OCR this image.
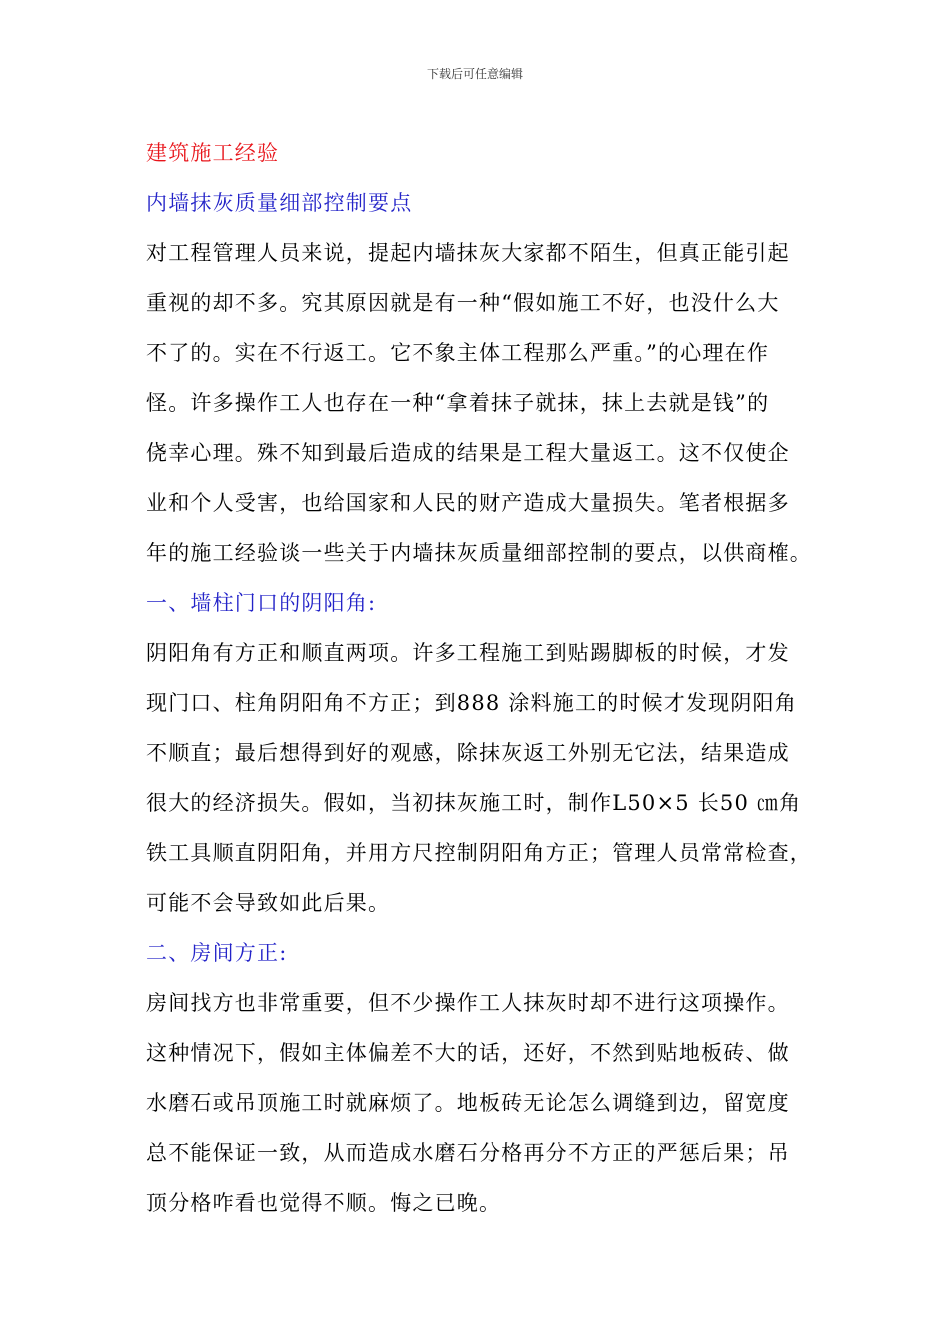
下载后可任意编辑
建筑施工经验
内墙抹灰质量细部控制要点
对工程管理人员来说，提起内墙抹灰大家都不陌生，但真正能引起
重视的却不多。究其原因就是有一种“假如施工不好，也没什么大
不了的。实在不行返工。它不象主体工程那么严重。”的心理在作
怪。许多操作工人也存在一种“拿着抹子就抹，抹上去就是钱”的
侥幸心理。殊不知到最后造成的结果是工程大量返工。这不仅使企
业和个人受害，也给国家和人民的财产造成大量损失。笔者根据多
年的施工经验谈一些关于内墙抹灰质量细部控制的要点，以供商榷。
一、墙柱门口的阴阳角:
阴阳角有方正和顺直两项。许多工程施工到贴踢脚板的时候，才发
现门口、柱角阴阳角不方正；到888 涂料施工的时候才发现阴阳角
不顺直；最后想得到好的观感，除抹灰返工外别无它法，结果造成
很大的经济损失。假如，当初抹灰施工时，制作L50×5 长50 ㎝角
铁工具顺直阴阳角，并用方尺控制阴阳角方正；管理人员常常检查，
可能不会导致如此后果。
二、房间方正:
房间找方也非常重要，但不少操作工人抹灰时却不进行这项操作。
这种情况下，假如主体偏差不大的话，还好，不然到贴地板砖、做
水磨石或吊顶施工时就麻烦了。地板砖无论怎么调缝到边，留宽度
总不能保证一致，从而造成水磨石分格再分不方正的严惩后果；吊
顶分格咋看也觉得不顺。悔之已晚。
